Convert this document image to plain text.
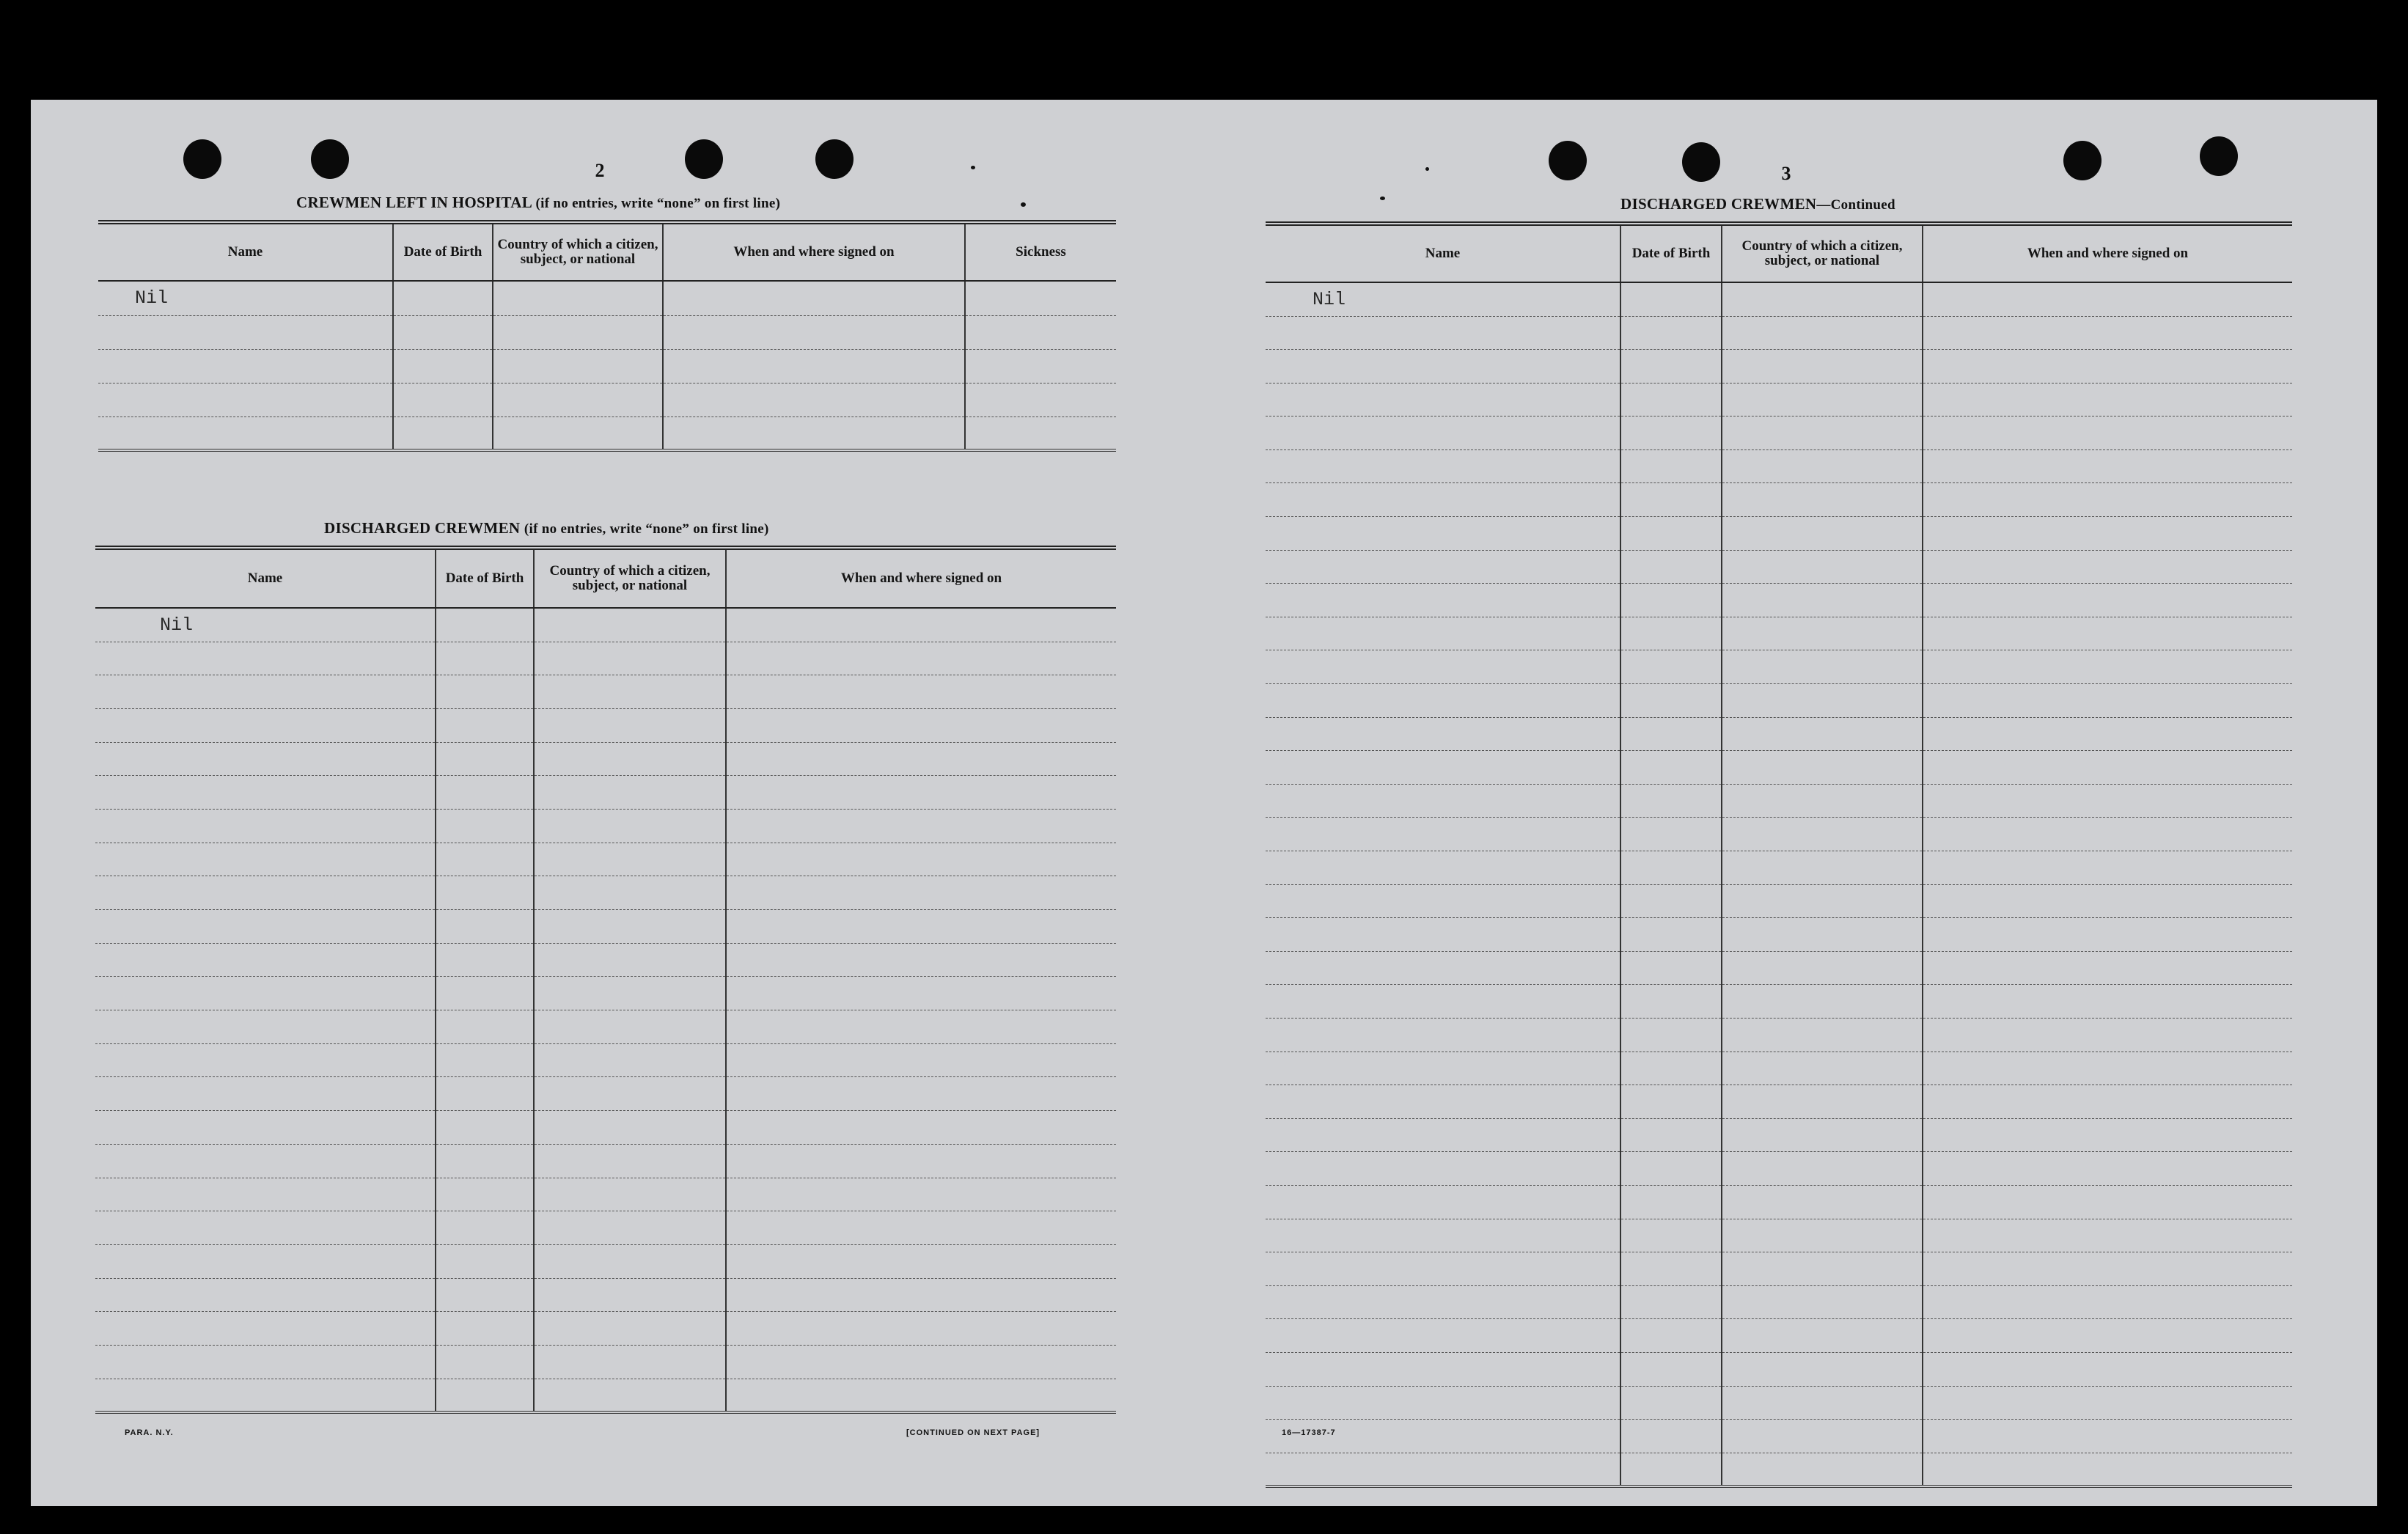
2
CREWMEN LEFT IN HOSPITAL (if no entries, write “none” on first line)
Name	Date of Birth	Country of which a citizen, subject, or national	When and where signed on	Sickness
Nil				

DISCHARGED CREWMEN (if no entries, write “none” on first line)
Name	Date of Birth	Country of which a citizen, subject, or national	When and where signed on
Nil			

PARA. N.Y.	[CONTINUED ON NEXT PAGE]
3
DISCHARGED CREWMEN—Continued
Name	Date of Birth	Country of which a citizen, subject, or national	When and where signed on
Nil			

16—17387-7
